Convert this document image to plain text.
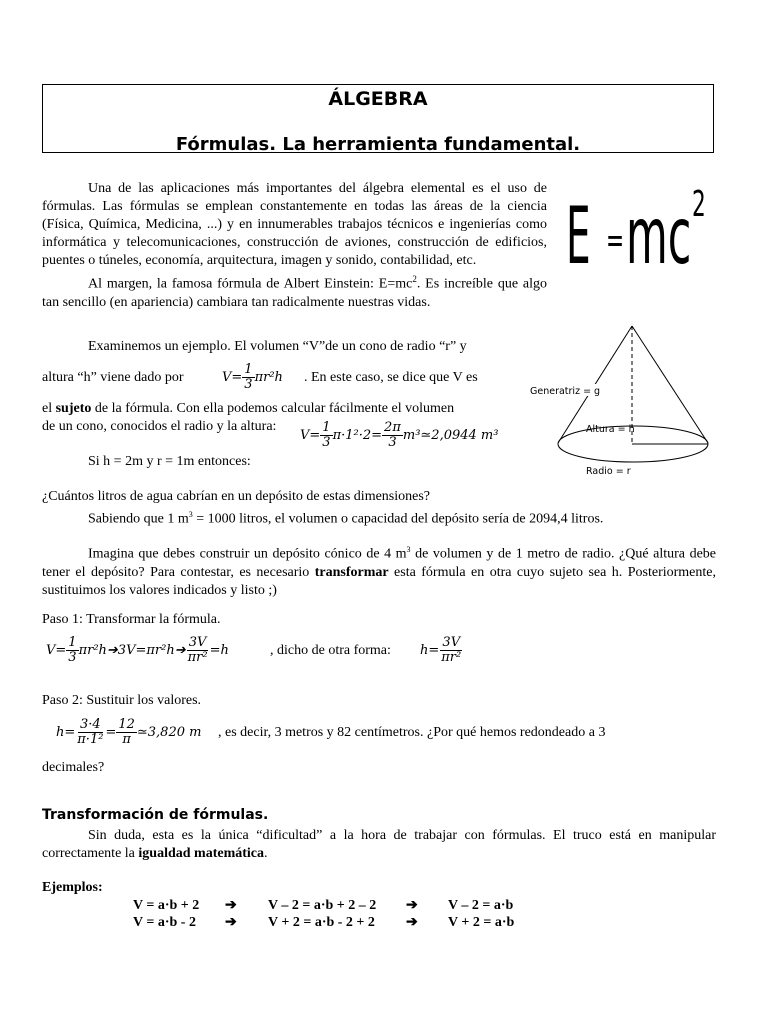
ÁLGEBRA
Fórmulas. La herramienta fundamental.

Una de las aplicaciones más importantes del álgebra elemental es el uso de fórmulas. Las fórmulas se emplean constantemente en todas las áreas de la ciencia (Física, Química, Medicina, ...) y en innumerables trabajos técnicos e ingenierías como informática y telecomunicaciones, construcción de aviones, construcción de edificios, puentes o túneles, economía, arquitectura, imagen y sonido, contabilidad, etc.

Al margen, la famosa fórmula de Albert Einstein: $E=mc^2$. Es increíble que algo tan sencillo (en apariencia) cambiara tan radicalmente nuestras vidas.

E = mc 2

Examinemos un ejemplo. El volumen “V”de un cono de radio “r” y

altura “h” viene dado por	$V = \frac{1}{3} \pi r^2h$ . En este caso, se dice que V es

el sujeto de la fórmula. Con ella podemos calcular fácilmente el volumen

de un cono, conocidos el radio y la altura:

$V = \frac{1}{3} \pi\cdot 1^2\cdot 2= \frac{2\pi}{3}$ m³≃2,0944 m³

Si h = 2m y r = 1m entonces:

Generatriz = g
Altura = h
Radio = r

¿Cuántos litros de agua cabrían en un depósito de estas dimensiones?

Sabiendo que 1 $m^3 = 1000$ litros, el volumen o capacidad del depósito sería de 2094,4 litros.

Imagina que debes construir un depósito cónico de 4 $m^3$ de volumen y de 1 metro de radio. ¿Qué altura debe tener el depósito? Para contestar, es necesario transformar esta fórmula en otra cuyo sujeto sea h. Posteriormente, sustituimos los valores indicados y listo ;)

Paso 1: Transformar la fórmula.

$V= \frac{1}{3}$ πr²h➔3V=πr²h➔ $\frac{3V}{\text{πr²}} =h$	, dicho de otra forma: $h= \frac{3V}{\text{πr²}}$

Paso 2: Sustituir los valores.

$h= \frac{3\cdot 4}{\text{π·1²}} = \frac{12}{\pi}$ ≃3,820 m , es decir, 3 metros y 82 centímetros. ¿Por qué hemos redondeado a 3

decimales?

Transformación de fórmulas.

Sin duda, esta es la única “dificultad” a la hora de trabajar con fórmulas. El truco está en manipular correctamente la igualdad matemática.

Ejemplos:

V = a·b + 2	➔	V – 2 = a·b + 2 – 2	➔	V – 2 = a·b
V = a·b - 2	➔	V + 2 = a·b - 2 + 2	➔	V + 2 = a·b
